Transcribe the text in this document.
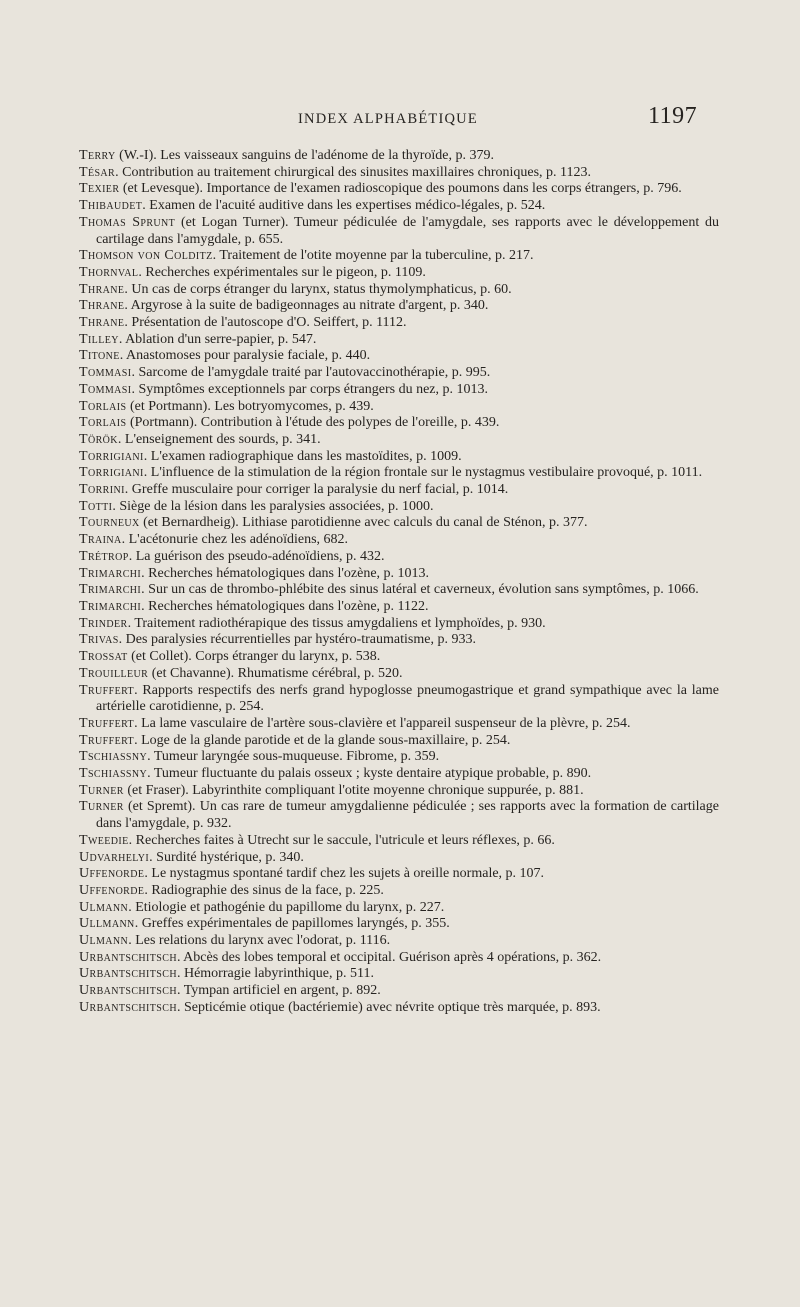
INDEX ALPHABÉTIQUE	1197
Terry (W.-I). Les vaisseaux sanguins de l'adénome de la thyroïde, p. 379.
Tésar. Contribution au traitement chirurgical des sinusites maxillaires chroniques, p. 1123.
Texier (et Levesque). Importance de l'examen radioscopique des poumons dans les corps étrangers, p. 796.
Thibaudet. Examen de l'acuité auditive dans les expertises médico-légales, p. 524.
Thomas Sprunt (et Logan Turner). Tumeur pédiculée de l'amygdale, ses rapports avec le développement du cartilage dans l'amygdale, p. 655.
Thomson von Colditz. Traitement de l'otite moyenne par la tuberculine, p. 217.
Thornval. Recherches expérimentales sur le pigeon, p. 1109.
Thrane. Un cas de corps étranger du larynx, status thymolymphaticus, p. 60.
Thrane. Argyrose à la suite de badigeonnages au nitrate d'argent, p. 340.
Thrane. Présentation de l'autoscope d'O. Seiffert, p. 1112.
Tilley. Ablation d'un serre-papier, p. 547.
Titone. Anastomoses pour paralysie faciale, p. 440.
Tommasi. Sarcome de l'amygdale traité par l'autovaccinothérapie, p. 995.
Tommasi. Symptômes exceptionnels par corps étrangers du nez, p. 1013.
Torlais (et Portmann). Les botryomycomes, p. 439.
Torlais (Portmann). Contribution à l'étude des polypes de l'oreille, p. 439.
Török. L'enseignement des sourds, p. 341.
Torrigiani. L'examen radiographique dans les mastoïdites, p. 1009.
Torrigiani. L'influence de la stimulation de la région frontale sur le nystagmus vestibulaire provoqué, p. 1011.
Torrini. Greffe musculaire pour corriger la paralysie du nerf facial, p. 1014.
Totti. Siège de la lésion dans les paralysies associées, p. 1000.
Tourneux (et Bernardheig). Lithiase parotidienne avec calculs du canal de Sténon, p. 377.
Traina. L'acétonurie chez les adénoïdiens, 682.
Trétrop. La guérison des pseudo-adénoïdiens, p. 432.
Trimarchi. Recherches hématologiques dans l'ozène, p. 1013.
Trimarchi. Sur un cas de thrombo-phlébite des sinus latéral et caverneux, évolution sans symptômes, p. 1066.
Trimarchi. Recherches hématologiques dans l'ozène, p. 1122.
Trinder. Traitement radiothérapique des tissus amygdaliens et lymphoïdes, p. 930.
Trivas. Des paralysies récurrentielles par hystéro-traumatisme, p. 933.
Trossat (et Collet). Corps étranger du larynx, p. 538.
Trouilleur (et Chavanne). Rhumatisme cérébral, p. 520.
Truffert. Rapports respectifs des nerfs grand hypoglosse pneumogastrique et grand sympathique avec la lame artérielle carotidienne, p. 254.
Truffert. La lame vasculaire de l'artère sous-clavière et l'appareil suspenseur de la plèvre, p. 254.
Truffert. Loge de la glande parotide et de la glande sous-maxillaire, p. 254.
Tschiassny. Tumeur laryngée sous-muqueuse. Fibrome, p. 359.
Tschiassny. Tumeur fluctuante du palais osseux ; kyste dentaire atypique probable, p. 890.
Turner (et Fraser). Labyrinthite compliquant l'otite moyenne chronique suppurée, p. 881.
Turner (et Spremt). Un cas rare de tumeur amygdalienne pédiculée ; ses rapports avec la formation de cartilage dans l'amygdale, p. 932.
Tweedie. Recherches faites à Utrecht sur le saccule, l'utricule et leurs réflexes, p. 66.
Udvarhelyi. Surdité hystérique, p. 340.
Uffenorde. Le nystagmus spontané tardif chez les sujets à oreille normale, p. 107.
Uffenorde. Radiographie des sinus de la face, p. 225.
Ulmann. Etiologie et pathogénie du papillome du larynx, p. 227.
Ullmann. Greffes expérimentales de papillomes laryngés, p. 355.
Ulmann. Les relations du larynx avec l'odorat, p. 1116.
Urbantschitsch. Abcès des lobes temporal et occipital. Guérison après 4 opérations, p. 362.
Urbantschitsch. Hémorragie labyrinthique, p. 511.
Urbantschitsch. Tympan artificiel en argent, p. 892.
Urbantschitsch. Septicémie otique (bactériemie) avec névrite optique très marquée, p. 893.
